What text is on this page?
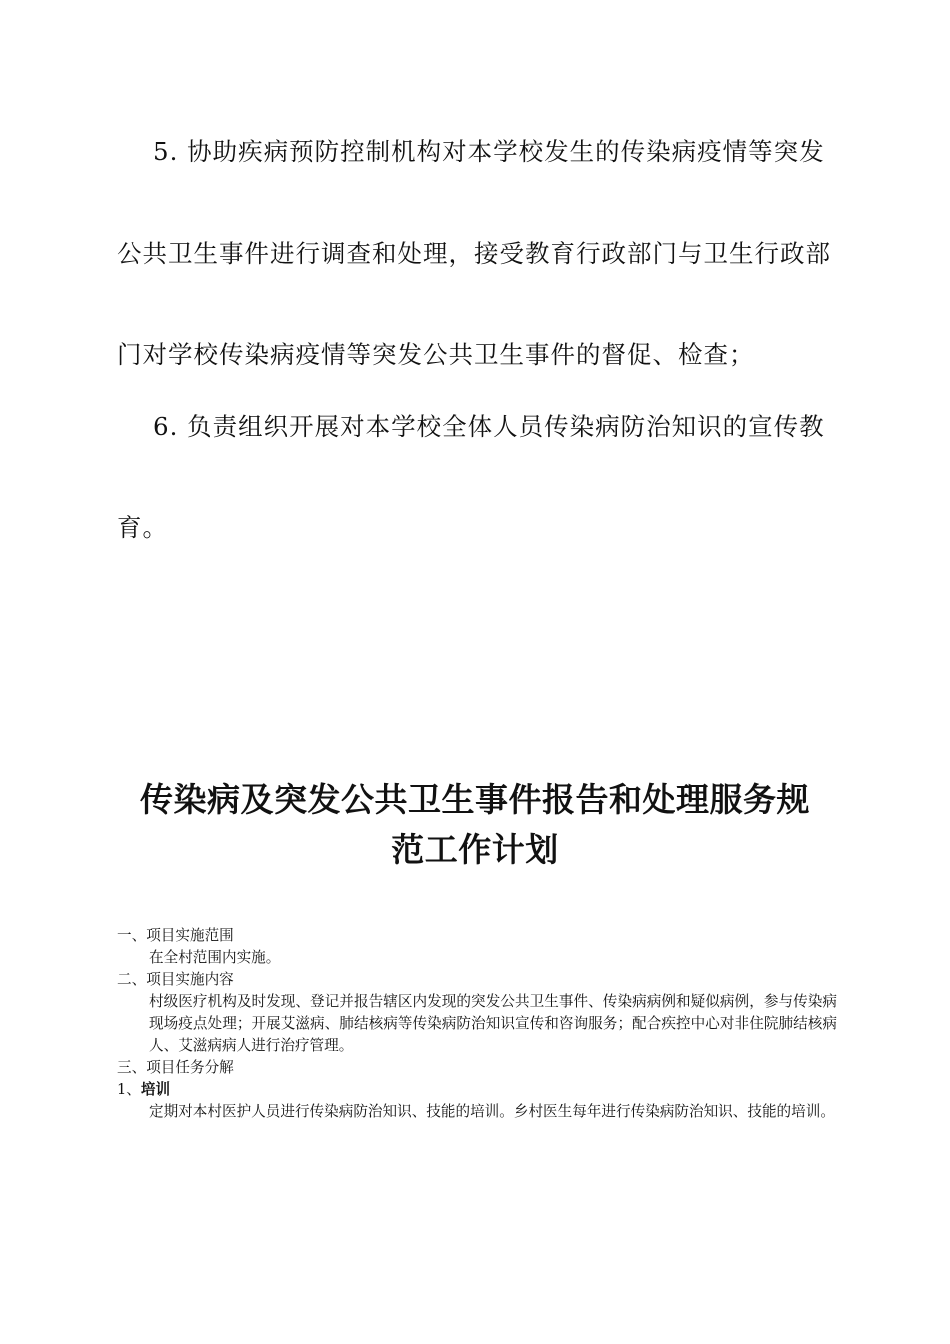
5. 协助疾病预防控制机构对本学校发生的传染病疫情等突发
公共卫生事件进行调查和处理，接受教育行政部门与卫生行政部
门对学校传染病疫情等突发公共卫生事件的督促、检查；
6. 负责组织开展对本学校全体人员传染病防治知识的宣传教
育。
传染病及突发公共卫生事件报告和处理服务规
范工作计划

一、项目实施范围

在全村范围内实施。

二、项目实施内容

村级医疗机构及时发现、登记并报告辖区内发现的突发公共卫生事件、传染病病例和疑似病例，参与传染病现场疫点处理；开展艾滋病、肺结核病等传染病防治知识宣传和咨询服务；配合疾控中心对非住院肺结核病人、艾滋病病人进行治疗管理。

三、项目任务分解

1、培训

定期对本村医护人员进行传染病防治知识、技能的培训。乡村医生每年进行传染病防治知识、技能的培训。
